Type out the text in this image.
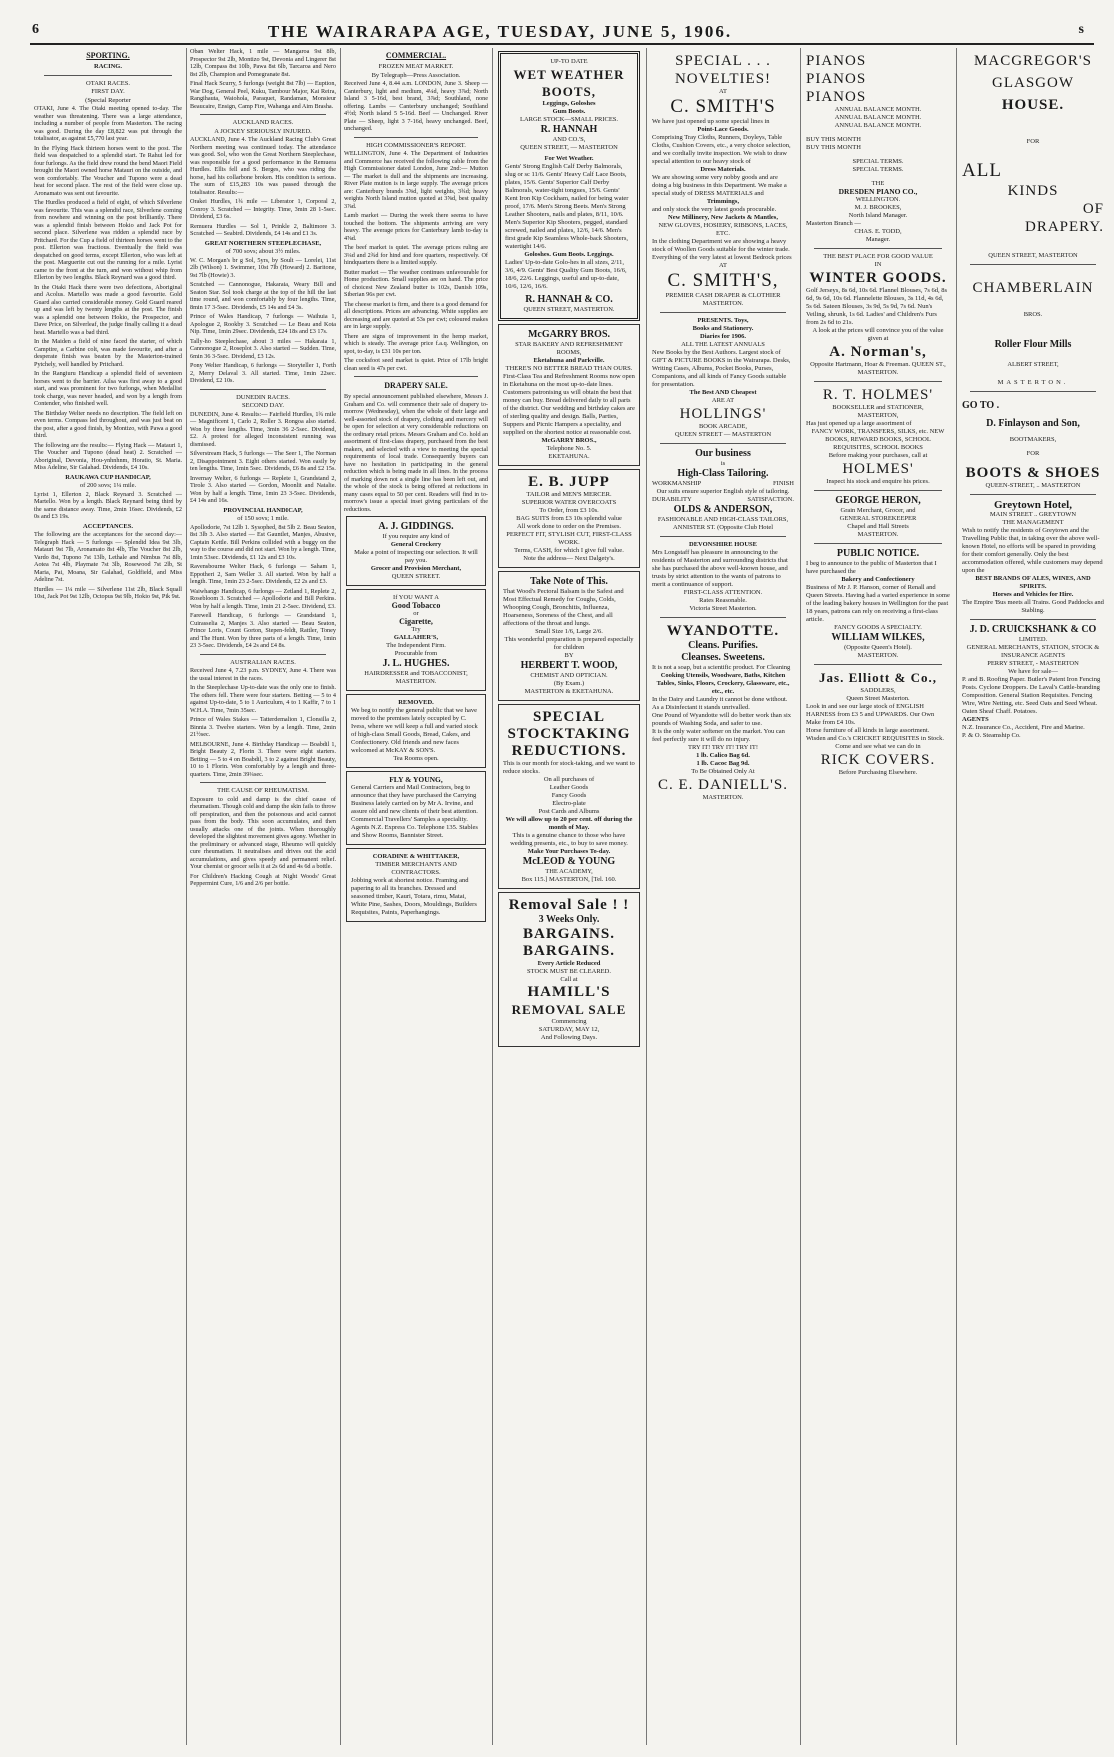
6	THE WAIRARAPA AGE, TUESDAY, JUNE 5, 1906.	s
SPORTING.
RACING.
OTAKI RACES.
FIRST DAY.
(Special Reporter

OTAKI, June 4. The Otaki meeting opened to-day. The weather was threatening. There was a large attendance, including a number of people from Masterton. The racing was good. During the day £8,822 was put through the totalisator, as against £5,770 last year.

In the Flying Hack thirteen horses went to the post. The field was despatched to a splendid start. Te Rahui led for four furlongs. As the field drew round the bend Maori Field brought the Maori owned horse Matauri on the outside, and won comfortably. The Voucher and Tupono were a dead heat for second place. The rest of the field were close up. Aronamato was sent out favourite.

The Hurdles produced a field of eight, of which Silverlene was favourite. This was a splendid race, Silverlene coming from nowhere and winning on the post brilliantly. There was a splendid finish between Hokio and Jack Pot for second place. Silverlene was ridden a splendid race by Pritchard. For the Cup a field of thirteen horses went to the post. Ellerton was fractious. Eventually the field was despatched on good terms, except Ellerton, who was left at the post. Marguerite cut out the running for a mile. Lyrist came to the front at the turn, and won without whip from Ellerton by two lengths. Black Reynard was a good third.

In the Otaki Hack there were two defections, Aboriginal and Acolus. Martello was made a good favourite. Gold Guard also carried considerable money. Gold Guard reared up and was left by twenty lengths at the post. The finish was a splendid one between Hokio, the Prospector, and Dave Price, on Silverleaf, the judge finally calling it a dead heat. Martello was a bad third.

In the Maiden a field of nine faced the starter, of which Camptire, a Carbine colt, was made favourite, and after a desperate finish was beaten by the Masterton-trained Pytchely, well handled by Pritchard.

In the Rangiuru Handicap a splendid field of seventeen horses went to the barrier. Ailsa was first away to a good start, and was prominent for two furlongs, when Medallist took charge, was never headed, and won by a length from Contender, who finished well.

The Birthday Welter needs no description. The field left on even terms. Compass led throughout, and was just beat on the post, after a good finish, by Montizo, with Pawa a good third.

The following are the results:— Flying Hack — Matauri 1, The Voucher and Tupono (dead heat) 2. Scratched — Aboriginal, Devonia, Hou-ynhnhnm, Horatio, St. Maria. Miss Adeline, Sir Galahad. Dividends, £4 10s.

RAUKAWA CUP HANDICAP,
of 200 sovs; 1¼ mile.

Lyrist 1, Ellerton 2, Black Reynard 3. Scratched — Martello. Won by a length. Black Reynard being third by the same distance away. Time, 2min 16sec. Dividends, £2 0s and £3 19s.

ACCEPTANCES.

The following are the acceptances for the second day:— Telegraph Hack — 5 furlongs — Splendid Idea 9st 3lb, Matauri 9st 7lb, Aronamato 8st 4lb, The Voucher 8st 2lb, Vardo 8st, Tupono 7st 13lb, Lethale and Nimbus 7st 8lb, Aotea 7st 4lb, Playmate 7st 3lb, Rosewood 7st 2lb, St Maria, Pai, Moana, Sir Galahad, Goldfield, and Miss Adeline 7st.

Hurdles — 1¼ mile — Silverlene 11st 2lb, Black Squall 10st, Jack Pot 9st 12lb, Octopus 9st 9lb, Hokio 9st, Pik 9st.

Oban Welter Hack, 1 mile — Mangaroa 9st 8lb, Prospector 9st 2lb, Montizo 9st, Devonia and Lingerer 8st 12lb, Compass 8st 10lb, Pawa 8st 6lb, Tarcaroa and Nero 8st 2lb, Champion and Pomegranate 8st.

Final Hack Scurry, 5 furlongs (weight 8st 7lb) — Euption, War Dog, General Peel, Kuku, Tambour Major, Kai Reira, Rangihauta, Waiohola, Paraquet, Randaman, Monsieur Beaucaire, Ensign, Camp Fire, Wahanga and Aim Brasha.

AUCKLAND RACES.
A JOCKEY SERIOUSLY INJURED.

AUCKLAND, June 4. The Auckland Racing Club's Great Northern meeting was continued today. The attendance was good. Sol, who won the Great Northern Steeplechase, was responsible for a good performance in the Remuera Hurdles. Ellis fell and S. Berges, who was riding the horse, had his collarbone broken. His condition is serious. The sum of £15,283 10s was passed through the totalisator. Results:—

Orakei Hurdles, 1¾ mile — Liberator 1, Corporal 2, Conroy 3. Scratched — Integrity. Time, 3min 28 1-5sec. Dividend, £3 6s.

Remuera Hurdles — Sol 1, Prinkle 2, Baltimore 3. Scratched — Seabird. Dividends, £4 14s and £1 3s.

GREAT NORTHERN STEEPLECHASE,
of 700 sovs; about 3½ miles.

W. C. Morgan's br g Sol, 5yrs, by Soult — Lorelei, 11st 2lb (Wilson) 1. Swimmer, 10st 7lb (Howard) 2. Baritone, 9st 7lb (Howie) 3.

Scratched — Cannonogue, Hakaraia, Weary Bill and Seaton Star. Sol took charge at the top of the hill the last time round, and won comfortably by four lengths. Time, 8min 17 3-5sec. Dividends, £5 14s and £4 3s.

Prince of Wales Handicap, 7 furlongs — Waihuia 1, Apologue 2, Rookby 3. Scratched — Le Beau and Kota Nip. Time, 1min 29sec. Dividends, £24 18s and £3 17s.

Tally-ho Steeplechase, about 3 miles — Hakaraia 1, Cannonogue 2, Roseplot 3. Also started — Sudden. Time, 6min 36 3-5sec. Dividend, £3 12s.

Pony Welter Handicap, 6 furlongs — Storyteller 1, Forth 2, Merry Delaval 3. All started. Time, 1min 22sec. Dividend, £2 10s.

DUNEDIN RACES.
SECOND DAY.

DUNEDIN, June 4. Results:— Fairfield Hurdles, 1¾ mile — Magnificent 1, Carlo 2, Roller 3. Rongoa also started. Won by three lengths. Time, 3min 36 2-5sec. Dividend, £2. A protest for alleged inconsistent running was dismissed.

Silverstream Hack, 5 furlongs — The Seer 1, The Norman 2, Disappointment 3. Eight others started. Won easily by ten lengths. Time, 1min 5sec. Dividends, £6 8s and £2 15s.

Invernay Welter, 6 furlongs — Replete 1, Grandstand 2, Tirole 3. Also started — Gordon, Moonlit and Natalie. Won by half a length. Time, 1min 23 3-5sec. Dividends, £4 14s and 16s.

PROVINCIAL HANDICAP,
of 150 sovs; 1 mile.

Apollodorie, 7st 12lb 1. Sysophed, 8st 5lb 2. Beau Seaton, 8st 3lb 3. Also started — Est Gauntlet, Manjes, Abusive, Captain Kettle. Bill Perkins collided with a buggy on the way to the course and did not start. Won by a length. Time, 1min 53sec. Dividends, £1 12s and £3 10s.

Ravensbourne Welter Hack, 6 furlongs — Saham 1, Eppotheri 2, Sam Weller 3. All started. Won by half a length. Time, 1min 23 2-5sec. Dividends, £2 2s and £3.

Waiwhango Handicap, 6 furlongs — Zetland 1, Replete 2, Rosebloom 3. Scratched — Apollodorie and Bill Perkins. Won by half a length. Time, 1min 21 2-5sec. Dividend, £3.

Farewell Handicap, 6 furlongs — Grandstand 1, Cuirasselia 2, Manjes 3. Also started — Beau Seaton, Prince Loris, Count Gorton, Stepen-feldt, Rattler, Toney and The Hunt. Won by three parts of a length. Time, 1min 23 3-5sec. Dividends, £4 2s and £4 8s.

AUSTRALIAN RACES.

Received June 4, 7.23 p.m. SYDNEY, June 4. There was the usual interest in the races.

In the Steeplechase Up-to-date was the only one to finish. The others fell. There were four starters. Betting — 5 to 4 against Up-to-date, 5 to 1 Auriculum, 4 to 1 Kaffir, 7 to 1 W.H.A. Time, 7min 35sec.

Prince of Wales Stakes — Tatterdemalion 1, Clonsilla 2, Binnia 3. Twelve starters. Won by a length. Time, 2min 21½sec.

MELBOURNE, June 4. Birthday Handicap — Boabdil 1, Bright Beauty 2, Florin 3. There were eight starters. Betting — 5 to 4 on Boabdil, 3 to 2 against Bright Beauty, 10 to 1 Florin. Won comfortably by a length and three-quarters. Time, 2min 39¼sec.

THE CAUSE OF RHEUMATISM.

Exposure to cold and damp is the chief cause of rheumatism. Though cold and damp the skin fails to throw off perspiration, and then the poisonous and acid cannot pass from the body. This soon accumulates, and then usually attacks one of the joints. When thoroughly developed the slightest movement gives agony. Whether in the preliminary or advanced stage, Rheumo will quickly cure rheumatism. It neutralises and drives out the acid accumulations, and gives speedy and permanent relief. Your chemist or grocer sells it at 2s 6d and 4s 6d a bottle.

For Children's Hacking Cough at Night Woods' Great Peppermint Cure, 1/6 and 2/6 per bottle.

COMMERCIAL.
FROZEN MEAT MARKET.
By Telegraph—Press Association.

Received June 4, 8.44 a.m. LONDON, June 3. Sheep — Canterbury, light and medium, 4¼d, heavy 3⅞d; North Island 3 5-16d, best brand, 3⅞d; Southland, none offering. Lambs — Canterbury unchanged; Southland 4½d; North island 5 5-16d. Beef — Unchanged. River Plate — Sheep, light 3 7-16d, heavy unchanged. Beef, unchanged.

HIGH COMMISSIONER'S REPORT.

WELLINGTON, June 4. The Department of Industries and Commerce has received the following cable from the High Commissioner dated London, June 2nd:— Mutton — The market is dull and the shipments are increasing. River Plate mutton is in large supply. The average prices are: Canterbury brands 3⅝d, light weights, 3¾d; heavy weights North Island mutton quoted at 3⅝d, best quality 3⅞d.

Lamb market — During the week there seems to have touched the bottom. The shipments arriving are very heavy. The average prices for Canterbury lamb to-day is 4⅝d.

The beef market is quiet. The average prices ruling are 3¼d and 2¾d for hind and fore quarters, respectively. Of hindquarters there is a limited supply.

Butter market — The weather continues unfavourable for Home production. Small supplies are on hand. The price of choicest New Zealand butter is 102s, Danish 109s, Siberian 96s per cwt.

The cheese market is firm, and there is a good demand for all descriptions. Prices are advancing. White supplies are decreasing and are quoted at 53s per cwt; coloured makes are in large supply.

There are signs of improvement in the hemp market, which is steady. The average price f.a.q. Wellington, on spot, to-day, is £31 10s per ton.

The cocksfoot seed market is quiet. Price of 17lb bright clean seed is 47s per cwt.

DRAPERY SALE.

By special announcement published elsewhere, Messrs J. Graham and Co. will commence their sale of drapery to-morrow (Wednesday), when the whole of their large and well-assorted stock of drapery, clothing and mercery will be open for selection at very considerable reductions on the ordinary retail prices. Messrs Graham and Co. hold an assortment of first-class drapery, purchased from the best makers, and selected with a view to meeting the special requirements of local trade. Consequently buyers can have no hesitation in participating in the general reduction which is being made in all lines. In the process of marking down not a single line has been left out, and the whole of the stock is being offered at reductions in many cases equal to 50 per cent. Readers will find in to-morrow's issue a special inset giving particulars of the reductions.

A. J. GIDDINGS.
If you require any kind of
General Crockery
Make a point of inspecting our selection. It will pay you.
Grocer and Provision Merchant,
QUEEN STREET.
If YOU WANT A
Good Tobacco
or
Cigarette,
Try
GALLAHER'S,
The Independent Firm.
Procurable from
J. L. HUGHES.
HAIRDRESSER and TOBACCONIST,
MASTERTON.
REMOVED.
We beg to notify the general public that we have moved to the premises lately occupied by C. Ivess, where we will keep a full and varied stock of high-class Small Goods, Bread, Cakes, and Confectionery. Old friends and new faces welcomed at McKAY & SON'S.
Tea Rooms open.
FLY & YOUNG,
General Carriers and Mail Contractors, beg to announce that they have purchased the Carrying Business lately carried on by Mr A. Irvine, and assure old and new clients of their best attention. Commercial Travellers' Samples a speciality. Agents N.Z. Express Co. Telephone 135. Stables and Show Rooms, Bannister Street.
CORADINE & WHITTAKER,
TIMBER MERCHANTS AND CONTRACTORS.
Jobbing work at shortest notice. Framing and papering to all its branches. Dressed and seasoned timber, Kauri, Totara, rimu, Matai, White Pine, Sashes, Doors, Mouldings, Builders Requisites, Paints, Paperhangings.
UP-TO DATE
WET WEATHER
BOOTS,
Leggings, Goloshes
Gum Boots.
LARGE STOCK—SMALL PRICES.
R. HANNAH
AND CO.'S,
QUEEN STREET, — MASTERTON
For Wet Weather.
Gents' Strong English Calf Derby Balmorals, slug or sc 11/6. Gents' Heavy Calf Lace Boots, plates, 15/6. Gents' Superior Calf Derby Balmorals, water-tight tongues, 15/6. Gents' Kent Iron Kip Cockham, nailed for being water proof, 17/6. Men's Strong Beets. Men's Strong Leather Shooters, nails and plates, 8/11, 10/6. Men's Superior Kip Shooters, pegged, standard screwed, nailed and plates, 12/6, 14/6. Men's first grade Kip Seamless Whole-back Shooters, watertight 14/6.
Goloshes. Gum Boots. Leggings.
Ladies' Up-to-date Golo-hes in all sizes, 2/11, 3/6, 4/9. Gents' Best Quality Gum Boots, 16/6, 18/6, 22/6. Leggings, useful and up-to-date, 10/6, 12/6, 16/6.
R. HANNAH & CO.
QUEEN STREET, MASTERTON.
McGARRY BROS.
STAR BAKERY AND REFRESHMENT ROOMS,
Eketahuna and Parkville.
THERE'S NO BETTER BREAD THAN OURS.
First-Class Tea and Refreshment Rooms now open in Eketahuna on the most up-to-date lines. Customers patronising us will obtain the best that money can buy. Bread delivered daily to all parts of the district. Our wedding and birthday cakes are of sterling quality and design. Balls, Parties, Suppers and Picnic Hampers a speciality, and supplied on the shortest notice at reasonable cost.
McGARRY BROS.,
Telephone No. 5.
EKETAHUNA.
E. B. JUPP
TAILOR and MEN'S MERCER.
SUPERIOR WATER OVERCOATS
To Order, from £3 10s.
BAG SUITS from £3 10s splendid value
All work done to order on the Premises.
PERFECT FIT, STYLISH CUT, FIRST-CLASS WORK.
Terms, CASH, for which I give full value.
Note the address— Next Dalgety's.
Take Note of This.
That Wood's Pectoral Balsam is the Safest and Most Effectual Remedy for Coughs, Colds, Whooping Cough, Bronchitis, Influenza, Hoarseness, Soreness of the Chest, and all affections of the throat and lungs.
Small Size 1/6, Large 2/6.
This wonderful preparation is prepared especially for children
BY
HERBERT T. WOOD,
CHEMIST AND OPTICIAN.
(By Exam.)
MASTERTON & EKETAHUNA.
SPECIAL
STOCKTAKING
REDUCTIONS.
This is our month for stock-taking, and we want to reduce stocks.
On all purchases of
Leather Goods
Fancy Goods
Electro-plate
Post Cards and Albums
We will allow up to 20 per cent. off during the month of May.
This is a genuine chance to those who have wedding presents, etc., to buy to save money.
Make Your Purchases To-day.
McLEOD & YOUNG
THE ACADEMY,
Box 115.] MASTERTON, [Tel. 160.
Removal Sale ! !
3 Weeks Only.
BARGAINS.
BARGAINS.
Every Article Reduced
STOCK MUST BE CLEARED.
Call at
HAMILL'S
REMOVAL SALE
Commencing
SATURDAY, MAY 12,
And Following Days.
SPECIAL . . .
NOVELTIES!
AT
C. SMITH'S
We have just opened up some special lines in
Point-Lace Goods.
Comprising Tray Cloths, Runners, Doyleys, Table Cloths, Cushion Covers, etc., a very choice selection, and we cordially invite inspection. We wish to draw special attention to our heavy stock of
Dress Materials.
We are showing some very nobby goods and are doing a big business in this Department. We make a special study of DRESS MATERIALS and
Trimmings,
and only stock the very latest goods procurable.
New Millinery, New Jackets & Mantles,
NEW GLOVES, HOSIERY, RIBBONS, LACES, ETC.
In the clothing Department we are showing a heavy stock of Woollen Goods suitable for the winter trade. Everything of the very latest at lowest Bedrock prices
AT
C. SMITH'S,
PREMIER CASH DRAPER & CLOTHIER MASTERTON.
PRESENTS. Toys,
Books and Stationery.
Diaries for 1906.
ALL THE LATEST ANNUALS
New Books by the Best Authors. Largest stock of GIFT & PICTURE BOOKS in the Wairarapa. Desks, Writing Cases, Albums, Pocket Books, Purses, Companions, and all kinds of Fancy Goods suitable for presentation.
The Best AND Cheapest
ARE AT
HOLLINGS'
BOOK ARCADE,
QUEEN STREET — MASTERTON
Our business
is
High-Class Tailoring.
WORKMANSHIP	FINISH
Our suits ensure superior English style of tailoring.
DURABILITY	SATISFACTION.
OLDS & ANDERSON,
FASHIONABLE AND HIGH-CLASS TAILORS,
ANNISTER ST. (Opposite Club Hotel
DEVONSHIRE HOUSE
Mrs Longstaff has pleasure in announcing to the residents of Masterton and surrounding districts that she has purchased the above well-known house, and trusts by strict attention to the wants of patrons to merit a continuance of support.
FIRST-CLASS ATTENTION.
Rates Reasonable.
Victoria Street Masterton.
WYANDOTTE.
Cleans. Purifies.
Cleanses. Sweetens.
It is not a soap, but a scientific product. For Cleaning
Cooking Utensils, Woodware, Baths, Kitchen Tables, Sinks, Floors, Crockery, Glassware, etc., etc., etc.
In the Dairy and Laundry it cannot be done without.
As a Disinfectant it stands unrivalled.
One Pound of Wyandotte will do better work than six pounds of Washing Soda, and safer to use.
It is the only water softener on the market. You can feel perfectly sure it will do no injury.
TRY IT! TRY IT! TRY IT!
1 lb. Calico Bag 6d.
1 lb. Cacoc Bag 9d.
To Be Obtained Only At
C. E. DANIELL'S.
MASTERTON.
PIANOS
PIANOS
PIANOS
ANNUAL BALANCE MONTH.
ANNUAL BALANCE MONTH.
ANNUAL BALANCE MONTH.
BUY THIS MONTH
BUY THIS MONTH
SPECIAL TERMS.
SPECIAL TERMS.
THE
DRESDEN PIANO CO.,
WELLINGTON.
M. J. BROOKES,
North Island Manager.
Masterton Branch —
CHAS. E. TODD,
Manager.
THE BEST PLACE FOR GOOD VALUE
IN
WINTER GOODS.
Golf Jerseys, 8s 6d, 10s 6d. Flannel Blouses, 7s 6d, 8s 6d, 9s 6d, 10s 6d. Flannelette Blouses, 3s 11d, 4s 6d, 5s 6d. Sateen Blouses, 3s 9d, 5s 9d, 7s 6d. Nun's Veiling, shrunk, 1s 6d. Ladies' and Children's Furs from 2s 6d to 21s.
A look at the prices will convince you of the value given at
A. Norman's,
Opposite Hartmann, Hoar & Freeman. QUEEN ST., MASTERTON.
R. T. HOLMES'
BOOKSELLER and STATIONER,
MASTERTON,
Has just opened up a large assortment of
FANCY WORK, TRANSFERS, SILKS, etc. NEW BOOKS, REWARD BOOKS, SCHOOL REQUISITES, SCHOOL BOOKS
Before making your purchases, call at
HOLMES'
Inspect his stock and enquire his prices.
GEORGE HERON,
Grain Merchant, Grocer, and
GENERAL STOREKEEPER
Chapel and Hall Streets
MASTERTON.
PUBLIC NOTICE.
I beg to announce to the public of Masterton that I have purchased the
Bakery and Confectionery
Business of Mr J. P. Hanson, corner of Renall and Queen Streets. Having had a varied experience in some of the leading bakery houses in Wellington for the past 18 years, patrons can rely on receiving a first-class article.
FANCY GOODS A SPECIALTY.
WILLIAM WILKES,
(Opposite Queen's Hotel).
MASTERTON.
Jas. Elliott & Co.,
SADDLERS,
Queen Street Masterton.
Look in and see our large stock of ENGLISH HARNESS from £3 5 and UPWARDS. Our Own Make from £4 10s.
Horse furniture of all kinds in large assortment.
Wisden and Co.'s CRICKET REQUISITES in Stock.
Come and see what we can do in
RICK COVERS.
Before Purchasing Elsewhere.
MACGREGOR'S
GLASGOW
HOUSE.
FOR
ALL
KINDS
OF
DRAPERY.
QUEEN STREET, MASTERTON
CHAMBERLAIN
BROS.
Roller Flour Mills
ALBERT STREET,
MASTERTON.
GO TO .
D. Finlayson and Son,
BOOTMAKERS,
FOR
BOOTS & SHOES
QUEEN-STREET, .. MASTERTON
Greytown Hotel,
MAIN STREET .. GREYTOWN
THE MANAGEMENT
Wish to notify the residents of Greytown and the Travelling Public that, in taking over the above well-known Hotel, no efforts will be spared in providing for their comfort generally. Only the best accommodation offered, while customers may depend upon the
BEST BRANDS OF ALES, WINES, AND SPIRITS.
Horses and Vehicles for Hire.
The Empire 'Bus meets all Trains. Good Paddocks and Stabling.
J. D. CRUICKSHANK & CO
LIMITED.
GENERAL MERCHANTS, STATION, STOCK & INSURANCE AGENTS
PERRY STREET, - MASTERTON
We have for sale—
P. and B. Roofing Paper. Butler's Patent Iron Fencing Posts. Cyclone Droppers. De Laval's Cattle-branding Composition. General Station Requisites. Fencing Wire, Wire Netting, etc. Seed Oats and Seed Wheat. Oaten Sheaf Chaff. Potatoes.
AGENTS
N.Z. Insurance Co., Accident, Fire and Marine.
P. & O. Steamship Co.
